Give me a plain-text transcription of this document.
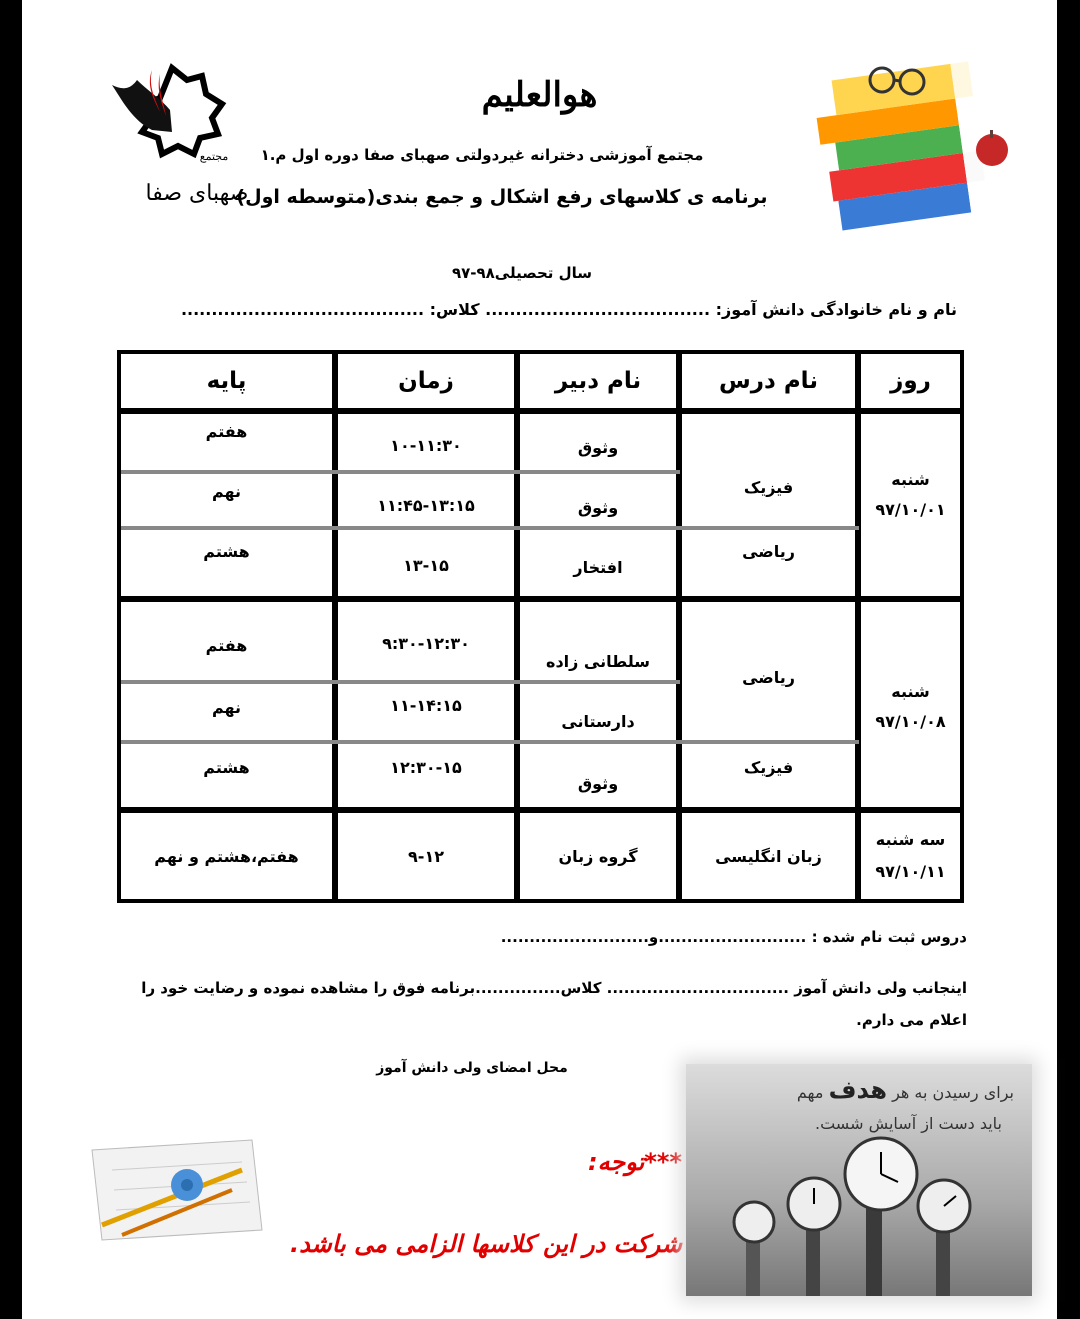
صهبای صفا
مجتمع
هوالعلیم
مجتمع آموزشی دخترانه غیردولتی صهبای صفا دوره اول م.۱
برنامه ی کلاسهای رفع اشکال و جمع بندی(متوسطه اول)
سال تحصیلی۹۸-۹۷
نام و نام خانوادگی دانش آموز: ..................................... کلاس: ........................................
روز
نام درس
نام دبیر
زمان
پایه
شنبه
۹۷/۱۰/۰۱
فیزیک
ریاضی
وثوق
۱۰-۱۱:۳۰
هفتم
وثوق
۱۱:۴۵-۱۳:۱۵
نهم
افتخار
۱۳-۱۵
هشتم
شنبه
۹۷/۱۰/۰۸
ریاضی
فیزیک
سلطانی زاده
۹:۳۰-۱۲:۳۰
هفتم
دارستانی
۱۱-۱۴:۱۵
نهم
وثوق
۱۲:۳۰-۱۵
هشتم
سه شنبه
۹۷/۱۰/۱۱
زبان انگلیسی
گروه زبان
۹-۱۲
هفتم،هشتم و نهم
دروس ثبت نام شده : ..........................و..........................
اینجانب ولی دانش آموز ................................ کلاس...............برنامه فوق را مشاهده نموده و رضایت خود را اعلام می دارم.
محل امضای ولی دانش آموز
***توجه:
شرکت در این کلاسها الزامی می باشد.
برای رسیدن به هر هدف مهم
باید دست از آسایش شست.
